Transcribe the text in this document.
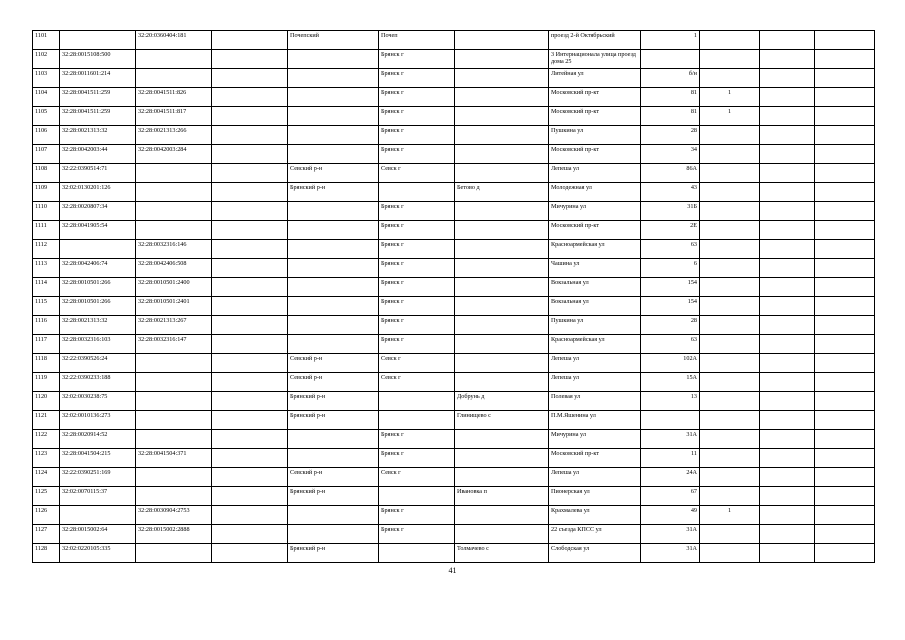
1101		32:20:0360404:181		Почепский	Почеп		проезд 2-й Октябрьский	1			
1102	32:28:0015108:500				Брянск г		3 Интернационала улица проезд дома 25				
1103	32:28:0011601:214				Брянск г		Литейная ул	б/н			
1104	32:28:0041511:259	32:28:0041511:826			Брянск г		Московский пр-кт	81	1		
1105	32:28:0041511:259	32:28:0041511:817			Брянск г		Московский пр-кт	81	1		
1106	32:28:0021313:32	32:28:0021313:266			Брянск г		Пушкина ул	28			
1107	32:28:0042003:44	32:28:0042003:284			Брянск г		Московский пр-кт	34			
1108	32:22:0390514:71			Севский р-н	Севск г		Лепеша ул	86А			
1109	32:02:0130201:126			Брянский р-н		Бетово д	Молодежная ул	43			
1110	32:28:0020807:34				Брянск г		Мичурина ул	31Б			
1111	32:28:0041905:54				Брянск г		Московский пр-кт	2Е			
1112		32:28:0032316:146			Брянск г		Красноармейская ул	63			
1113	32:28:0042406:74	32:28:0042406:508			Брянск г		Чашина ул	6			
1114	32:28:0010501:266	32:28:0010501:2400			Брянск г		Вокзальная ул	154			
1115	32:28:0010501:266	32:28:0010501:2401			Брянск г		Вокзальная ул	154			
1116	32:28:0021313:32	32:28:0021313:267			Брянск г		Пушкина ул	28			
1117	32:28:0032316:103	32:28:0032316:147			Брянск г		Красноармейская ул	63			
1118	32:22:0390526:24			Севский р-н	Севск г		Лепеша ул	102А			
1119	32:22:0390233:188			Севский р-н	Севск г		Лепеша ул	15А			
1120	32:02:0030238:75			Брянский р-н		Добрунь д	Полевая ул	13			
1121	32:02:0010136:273			Брянский р-н		Глинищево с	П.М.Яшенина ул				
1122	32:28:0020914:52				Брянск г		Мичурина ул	31А			
1123	32:28:0041504:215	32:28:0041504:371			Брянск г		Московский пр-кт	11			
1124	32:22:0390251:169			Севский р-н	Севск г		Лепеша ул	24А			
1125	32:02:0070115:37			Брянский р-н		Ивановка п	Пионерская ул	67			
1126		32:28:0030904:2753			Брянск г		Крахмалева ул	49	1		
1127	32:28:0015002:64	32:28:0015002:2888			Брянск г		22 съезда КПСС ул	31А			
1128	32:02:0220105:335			Брянский р-н		Толмачево с	Слободская ул	31А			
41
